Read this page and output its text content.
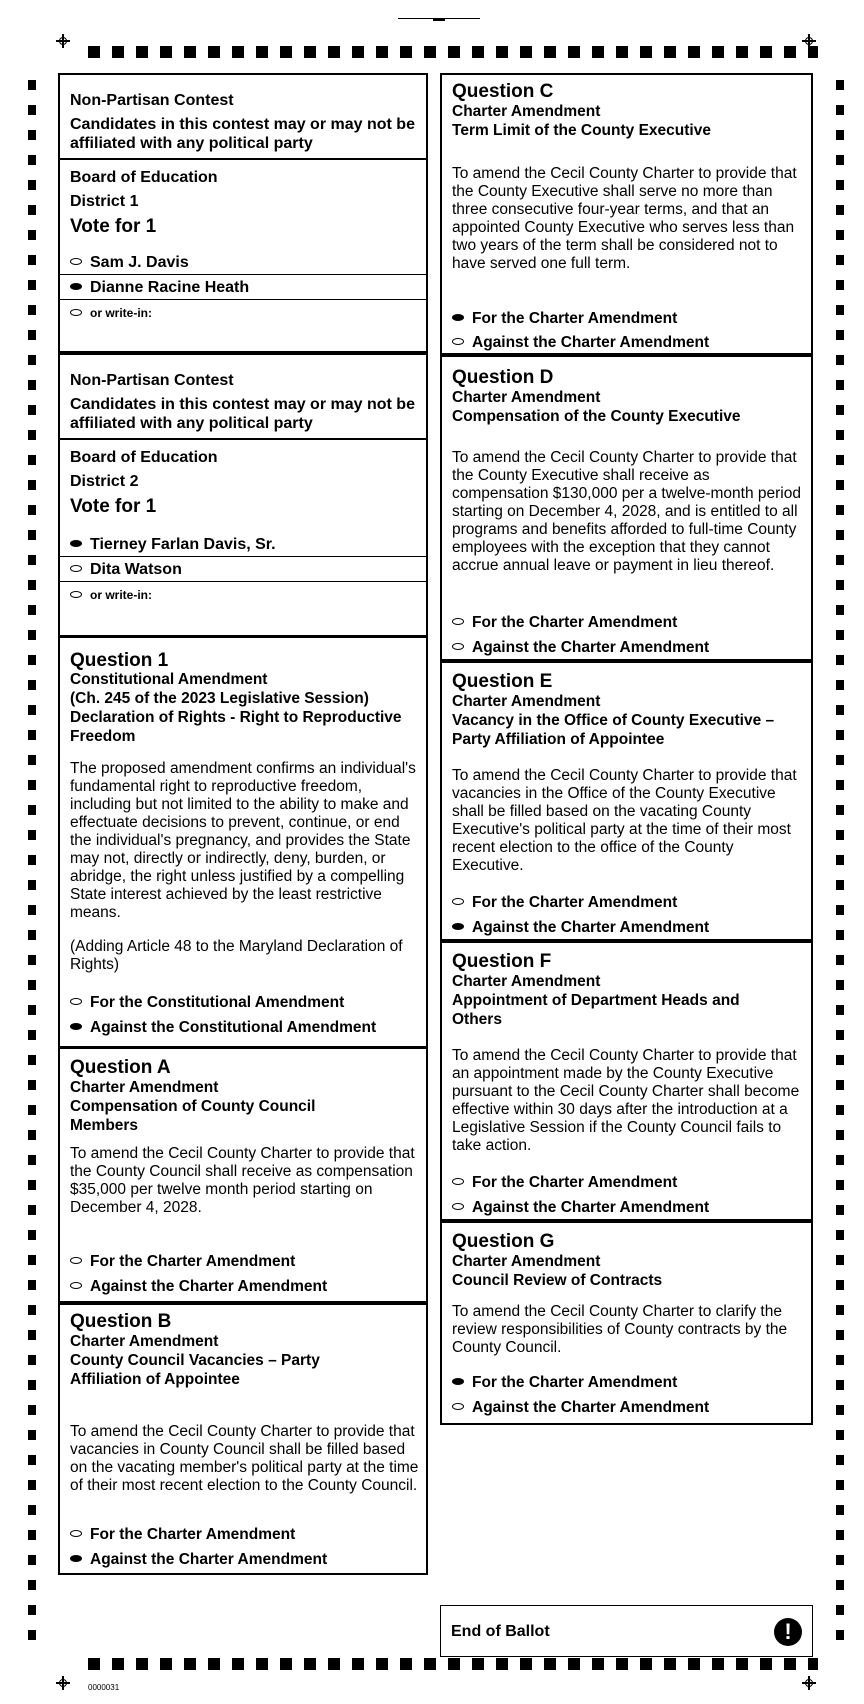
Non-Partisan Contest
Candidates in this contest may or may not be affiliated with any political party
Board of Education
District 1
Vote for 1
Sam J. Davis
Dianne Racine Heath
or write-in:
Non-Partisan Contest
Candidates in this contest may or may not be affiliated with any political party
Board of Education
District 2
Vote for 1
Tierney Farlan Davis, Sr.
Dita Watson
or write-in:
Question 1
Constitutional Amendment
(Ch. 245 of the 2023 Legislative Session)
Declaration of Rights - Right to Reproductive Freedom
The proposed amendment confirms an individual's fundamental right to reproductive freedom, including but not limited to the ability to make and effectuate decisions to prevent, continue, or end the individual's pregnancy, and provides the State may not, directly or indirectly, deny, burden, or abridge, the right unless justified by a compelling State interest achieved by the least restrictive means.
(Adding Article 48 to the Maryland Declaration of Rights)
For the Constitutional Amendment
Against the Constitutional Amendment
Question A
Charter Amendment
Compensation of County Council Members
To amend the Cecil County Charter to provide that the County Council shall receive as compensation $35,000 per twelve month period starting on December 4, 2028.
For the Charter Amendment
Against the Charter Amendment
Question B
Charter Amendment
County Council Vacancies – Party Affiliation of Appointee
To amend the Cecil County Charter to provide that vacancies in County Council shall be filled based on the vacating member's political party at the time of their most recent election to the County Council.
For the Charter Amendment
Against the Charter Amendment
Question C
Charter Amendment
Term Limit of the County Executive
To amend the Cecil County Charter to provide that the County Executive shall serve no more than three consecutive four-year terms, and that an appointed County Executive who serves less than two years of the term shall be considered not to have served one full term.
For the Charter Amendment
Against the Charter Amendment
Question D
Charter Amendment
Compensation of the County Executive
To amend the Cecil County Charter to provide that the County Executive shall receive as compensation $130,000 per a twelve-month period starting on December 4, 2028, and is entitled to all programs and benefits afforded to full-time County employees with the exception that they cannot accrue annual leave or payment in lieu thereof.
For the Charter Amendment
Against the Charter Amendment
Question E
Charter Amendment
Vacancy in the Office of County Executive – Party Affiliation of Appointee
To amend the Cecil County Charter to provide that vacancies in the Office of the County Executive shall be filled based on the vacating County Executive's political party at the time of their most recent election to the office of the County Executive.
For the Charter Amendment
Against the Charter Amendment
Question F
Charter Amendment
Appointment of Department Heads and Others
To amend the Cecil County Charter to provide that an appointment made by the County Executive pursuant to the Cecil County Charter shall become effective within 30 days after the introduction at a Legislative Session if the County Council fails to take action.
For the Charter Amendment
Against the Charter Amendment
Question G
Charter Amendment
Council Review of Contracts
To amend the Cecil County Charter to clarify the review responsibilities of County contracts by the County Council.
For the Charter Amendment
Against the Charter Amendment
End of Ballot	!
0000031
